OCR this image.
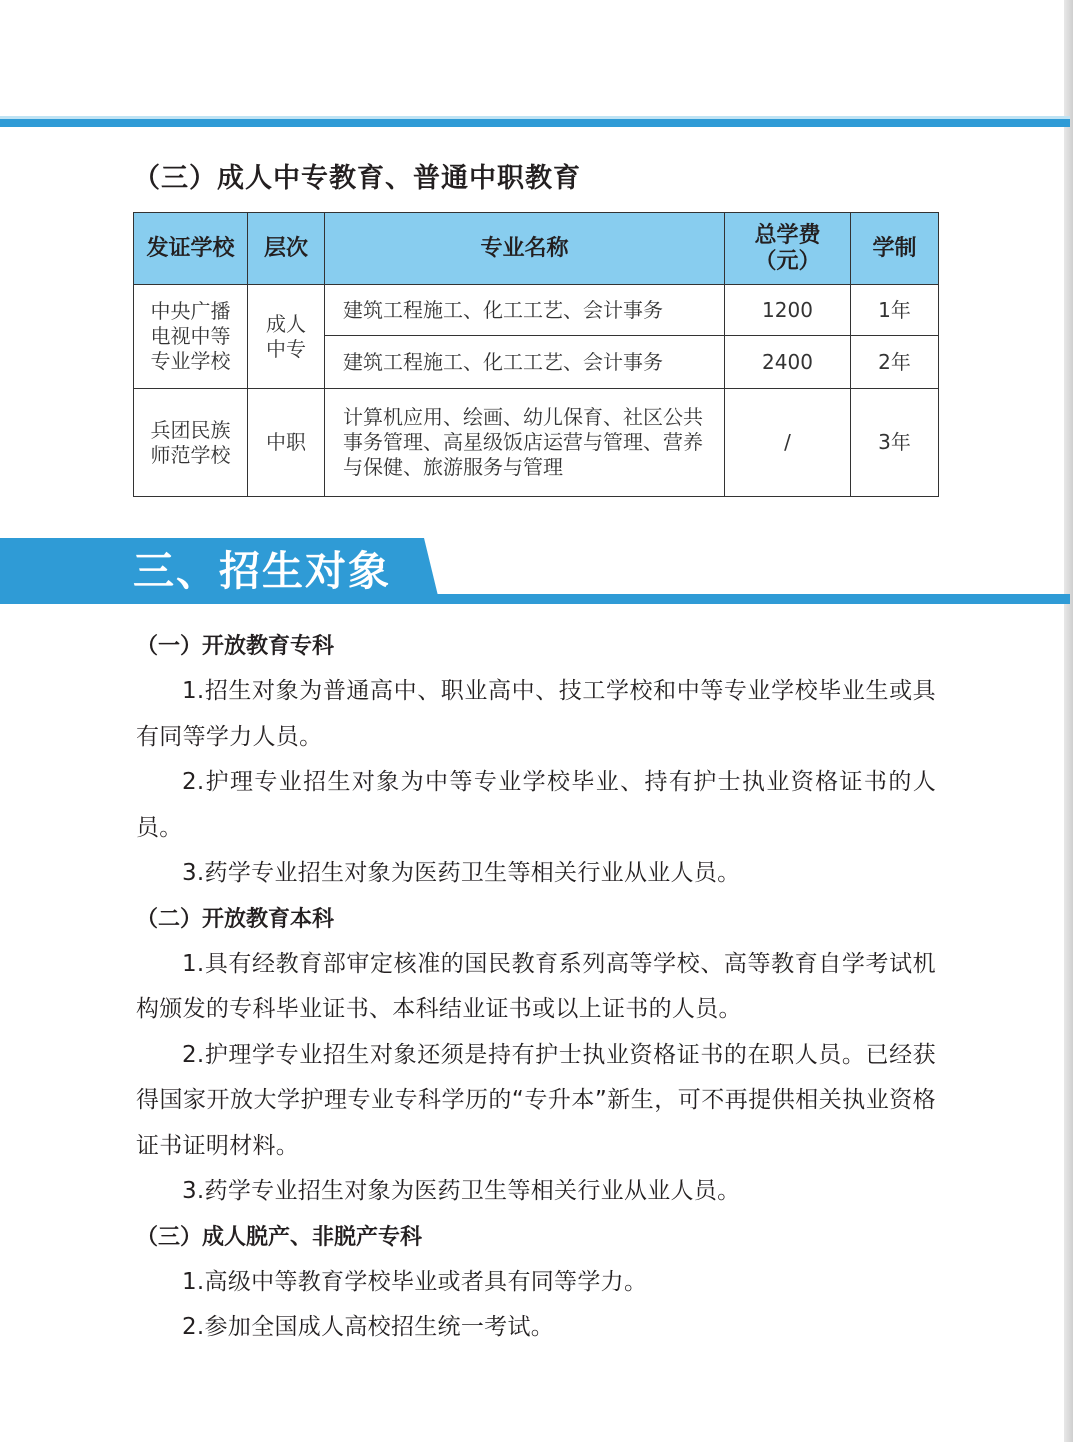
（三）成人中专教育、普通中职教育
发证学校	层次	专业名称	总学费（元）	学制
中央广播电视中等专业学校	成人中专	建筑工程施工、化工工艺、会计事务	1200	1年
		建筑工程施工、化工工艺、会计事务	2400	2年
兵团民族师范学校	中职	计算机应用、绘画、幼儿保育、社区公共事务管理、高星级饭店运营与管理、营养与保健、旅游服务与管理	/	3年
三、招生对象
（一）开放教育专科

1.招生对象为普通高中、职业高中、技工学校和中等专业学校毕业生或具有同等学力人员。

2.护理专业招生对象为中等专业学校毕业、持有护士执业资格证书的人员。

3.药学专业招生对象为医药卫生等相关行业从业人员。

（二）开放教育本科

1.具有经教育部审定核准的国民教育系列高等学校、高等教育自学考试机构颁发的专科毕业证书、本科结业证书或以上证书的人员。

2.护理学专业招生对象还须是持有护士执业资格证书的在职人员。已经获得国家开放大学护理专业专科学历的“专升本”新生，可不再提供相关执业资格证书证明材料。

3.药学专业招生对象为医药卫生等相关行业从业人员。

（三）成人脱产、非脱产专科

1.高级中等教育学校毕业或者具有同等学力。

2.参加全国成人高校招生统一考试。
